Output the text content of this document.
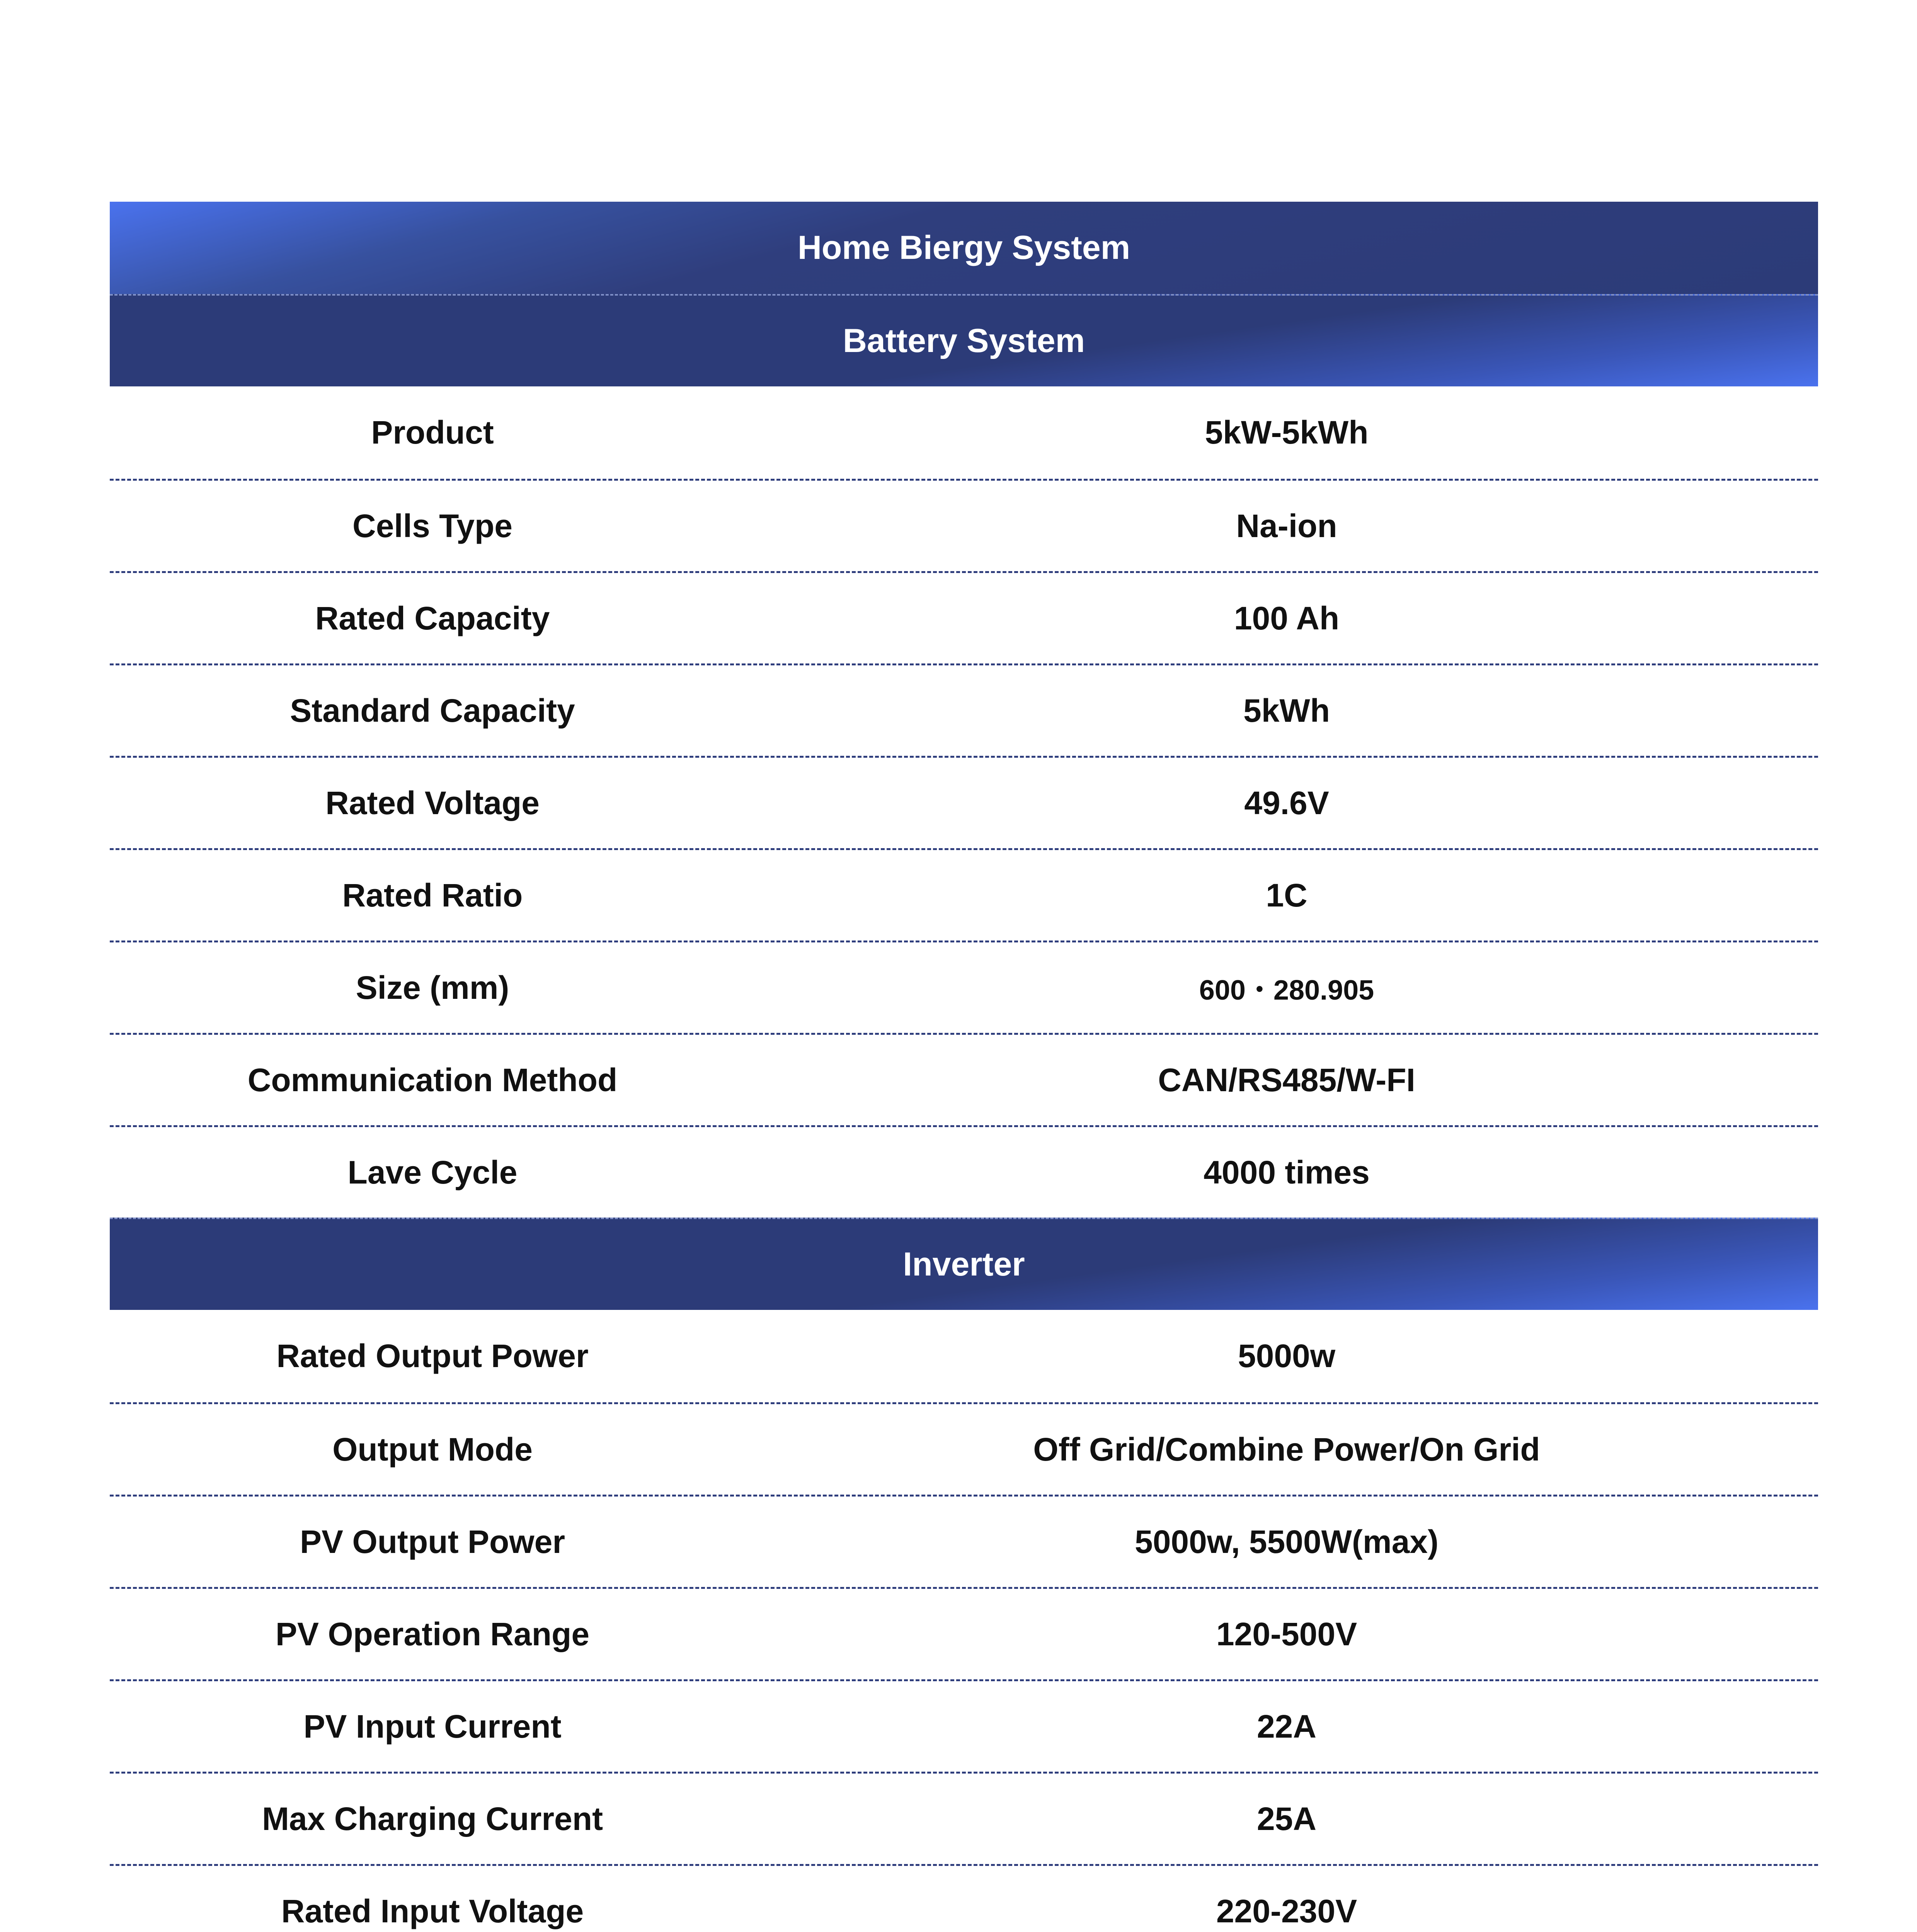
Home Biergy System
Battery System
Product	5kW-5kWh
Cells Type	Na-ion
Rated Capacity	100 Ah
Standard Capacity	5kWh
Rated Voltage	49.6V
Rated Ratio	1C
Size (mm)	600・280.905
Communication Method	CAN/RS485/W-FI
Lave Cycle	4000 times
Inverter
Rated Output Power	5000w
Output Mode	Off Grid/Combine Power/On Grid
PV Output Power	5000w, 5500W(max)
PV Operation Range	120-500V
PV Input Current	22A
Max Charging Current	25A
Rated Input Voltage	220-230V
